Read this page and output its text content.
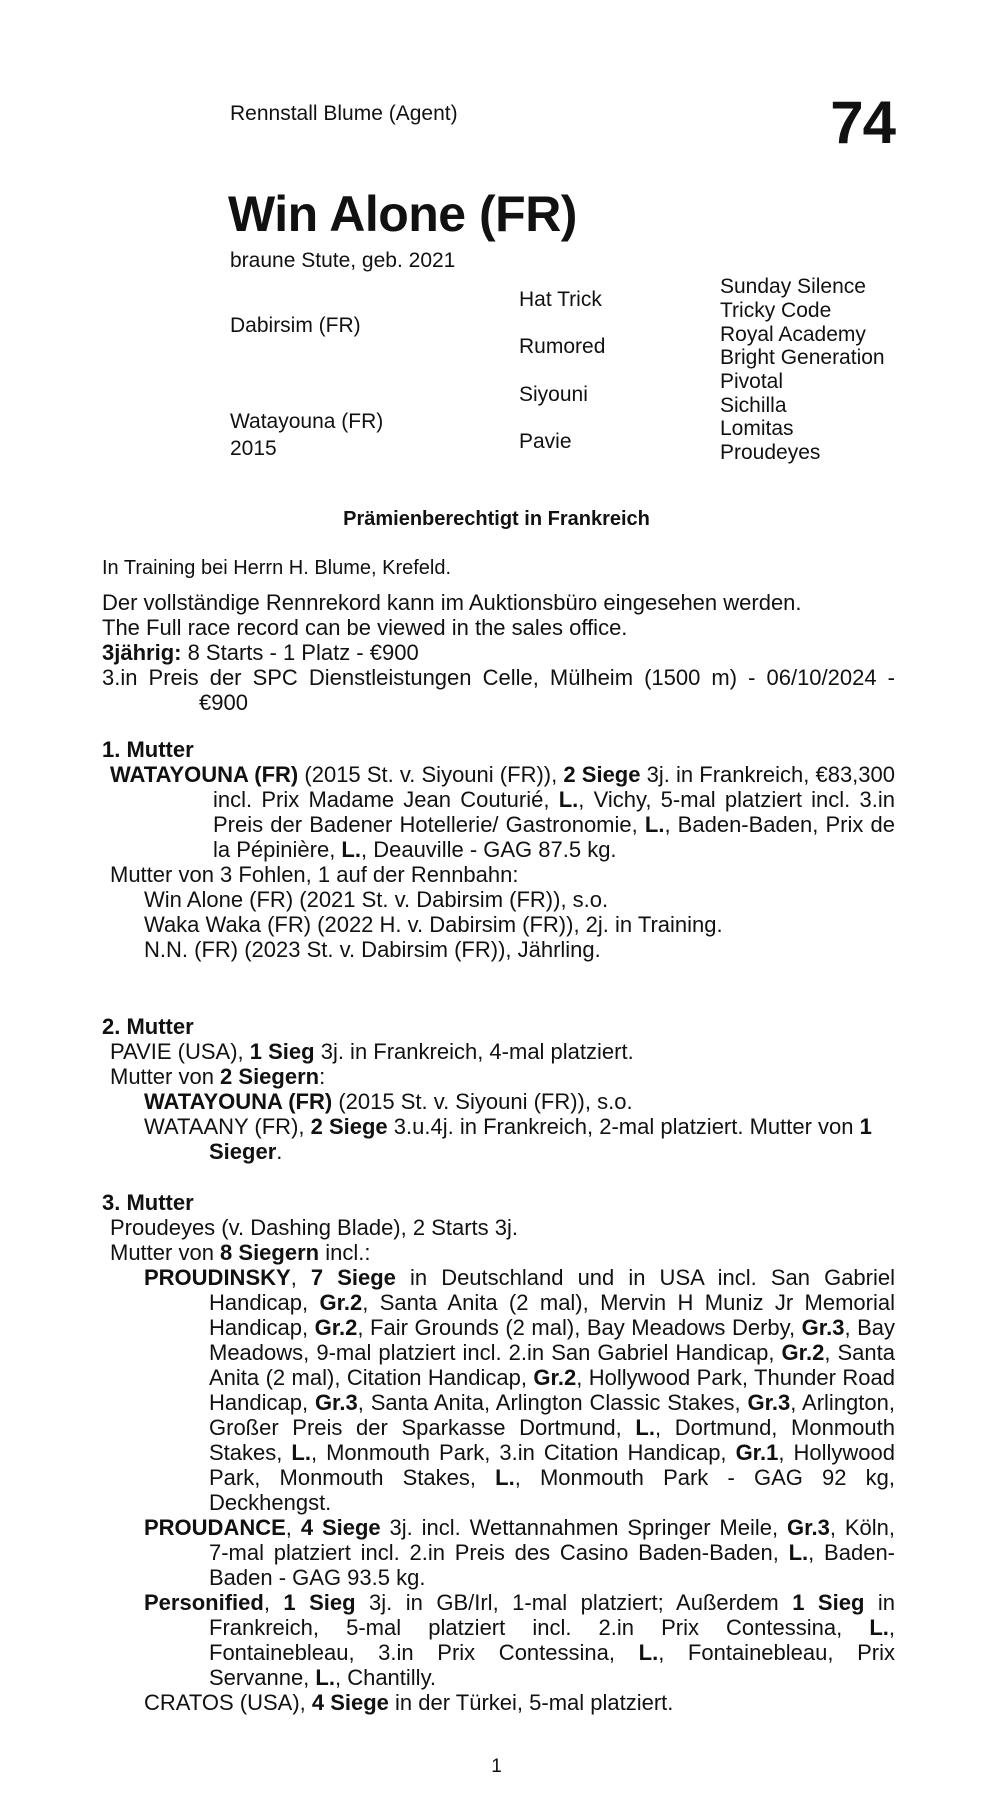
Rennstall Blume (Agent)	74
Win Alone (FR)
braune Stute, geb. 2021
Dabirsim (FR)
Watayouna (FR)
2015
Hat Trick
Rumored
Siyouni
Pavie
Sunday Silence
Tricky Code
Royal Academy
Bright Generation
Pivotal
Sichilla
Lomitas
Proudeyes
Prämienberechtigt in Frankreich

In Training bei Herrn H. Blume, Krefeld.

Der vollständige Rennrekord kann im Auktionsbüro eingesehen werden.

The Full race record can be viewed in the sales office.

3jährig: 8 Starts - 1 Platz - €900

3.in Preis der SPC Dienstleistungen Celle, Mülheim (1500 m) - 06/10/2024 - €900

1. Mutter

WATAYOUNA (FR) (2015 St. v. Siyouni (FR)), 2 Siege 3j. in Frankreich, €83,300 incl. Prix Madame Jean Couturié, L., Vichy, 5-mal platziert incl. 3.in Preis der Badener Hotellerie/ Gastronomie, L., Baden-Baden, Prix de la Pépinière, L., Deauville - GAG 87.5 kg.

Mutter von 3 Fohlen, 1 auf der Rennbahn:

Win Alone (FR) (2021 St. v. Dabirsim (FR)), s.o.

Waka Waka (FR) (2022 H. v. Dabirsim (FR)), 2j. in Training.

N.N. (FR) (2023 St. v. Dabirsim (FR)), Jährling.

2. Mutter

PAVIE (USA), 1 Sieg 3j. in Frankreich, 4-mal platziert.

Mutter von 2 Siegern:

WATAYOUNA (FR) (2015 St. v. Siyouni (FR)), s.o.

WATAANY (FR), 2 Siege 3.u.4j. in Frankreich, 2-mal platziert. Mutter von 1 Sieger.

3. Mutter

Proudeyes (v. Dashing Blade), 2 Starts 3j.

Mutter von 8 Siegern incl.:

PROUDINSKY, 7 Siege in Deutschland und in USA incl. San Gabriel Handicap, Gr.2, Santa Anita (2 mal), Mervin H Muniz Jr Memorial Handicap, Gr.2, Fair Grounds (2 mal), Bay Meadows Derby, Gr.3, Bay Meadows, 9-mal platziert incl. 2.in San Gabriel Handicap, Gr.2, Santa Anita (2 mal), Citation Handicap, Gr.2, Hollywood Park, Thunder Road Handicap, Gr.3, Santa Anita, Arlington Classic Stakes, Gr.3, Arlington, Großer Preis der Sparkasse Dortmund, L., Dortmund, Monmouth Stakes, L., Monmouth Park, 3.in Citation Handicap, Gr.1, Hollywood Park, Monmouth Stakes, L., Monmouth Park - GAG 92 kg, Deckhengst.

PROUDANCE, 4 Siege 3j. incl. Wettannahmen Springer Meile, Gr.3, Köln, 7-mal platziert incl. 2.in Preis des Casino Baden-Baden, L., Baden-Baden - GAG 93.5 kg.

Personified, 1 Sieg 3j. in GB/Irl, 1-mal platziert; Außerdem 1 Sieg in Frankreich, 5-mal platziert incl. 2.in Prix Contessina, L., Fontainebleau, 3.in Prix Contessina, L., Fontainebleau, Prix Servanne, L., Chantilly.

CRATOS (USA), 4 Siege in der Türkei, 5-mal platziert.

1
